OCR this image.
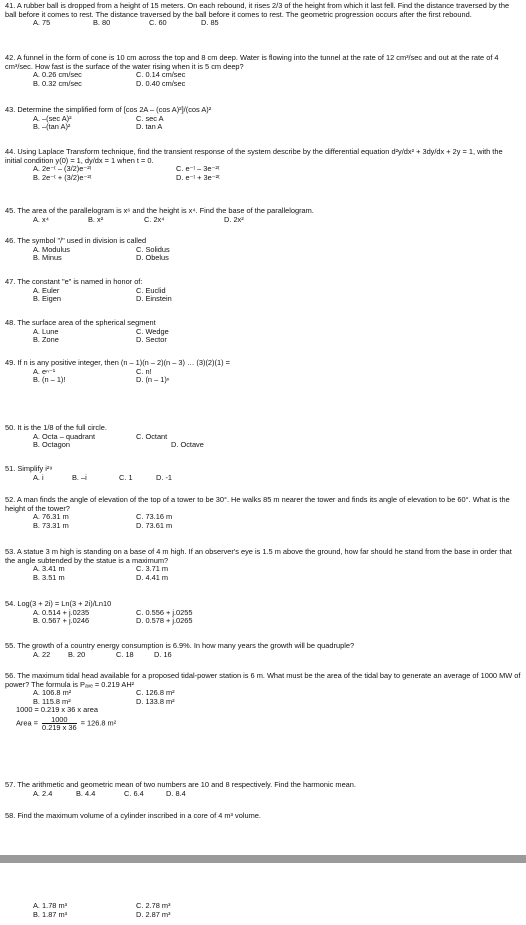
41. A rubber ball is dropped from a height of 15 meters. On each rebound, it rises 2/3 of the height from which it last fell. Find the distance traversed by the ball before it comes to rest. The distance traversed by the ball before it comes to rest. The geometric progression occurs after the first rebound.
A. 75	B. 80	C. 60	D. 85
42. A funnel in the form of cone is 10 cm across the top and 8 cm deep. Water is flowing into the tunnel at the rate of 12 cm³/sec and out at the rate of 4 cm³/sec. How fast is the surface of the water rising when it is 5 cm deep?
A. 0.26 cm/sec	C. 0.14 cm/sec
B. 0.32 cm/sec	D. 0.40 cm/sec
43. Determine the simplified form of [cos 2A – (cos A)²]/(cos A)²
A. –(sec A)²	C. sec A
B. –(tan A)²	D. tan A
44. Using Laplace Transform technique, find the transient response of the system describe by the differential equation d²y/dx² + 3dy/dx + 2y = 1, with the initial condition y(0) = 1, dy/dx = 1 when t = 0.
A. 2e⁻ᵗ – (3/2)e⁻²ᵗ	C. e⁻ᵗ – 3e⁻²ᵗ
B. 2e⁻ᵗ + (3/2)e⁻²ᵗ	D. e⁻ᵗ + 3e⁻²ᵗ
45. The area of the parallelogram is x⁶ and the height is x⁴. Find the base of the parallelogram.
A. x⁴	B. x²	C. 2x⁴	D. 2x²
46. The symbol "/" used in division is called
A. Modulus	C. Solidus
B. Minus	D. Obelus
47. The constant "e" is named in honor of:
A. Euler	C. Euclid
B. Eigen	D. Einstein
48. The surface area of the spherical segment
A. Lune	C. Wedge
B. Zone	D. Sector
49. If n is any positive integer, then (n – 1)(n – 2)(n – 3) … (3)(2)(1) =
A. eⁿ⁻¹	C. n!
B. (n – 1)!	D. (n – 1)ⁿ
50. It is the 1/8 of the full circle.
A. Octa – quadrant	C. Octant
B. Octagon	D. Octave
51. Simplify i²⁹
A. i	B. –i	C. 1	D. -1
52. A man finds the angle of elevation of the top of a tower to be 30°. He walks 85 m nearer the tower and finds its angle of elevation to be 60°. What is the height of the tower?
A. 76.31 m	C. 73.16 m
B. 73.31 m	D. 73.61 m
53. A statue 3 m high is standing on a base of 4 m high. If an observer's eye is 1.5 m above the ground, how far should he stand from the base in order that the angle subtended by the statue is a maximum?
A. 3.41 m	C. 3.71 m
B. 3.51 m	D. 4.41 m
54. Log(3 + 2i) = Ln(3 + 2i)/Ln10
A. 0.514 + j.0235	C. 0.556 + j.0255
B. 0.567 + j.0246	D. 0.578 + j.0265
55. The growth of a country energy consumption is 6.9%. In how many years the growth will be quadruple?
A. 22 B. 20	C. 18	D. 16
56. The maximum tidal head available for a proposed tidal-power station is 6 m. What must be the area of the tidal bay to generate an average of 1000 MW of power? The formula is Pₐᵥₑ = 0.219 AH²
A. 106.8 m²	C. 126.8 m²
B. 115.8 m²	D. 133.8 m²
1000 = 0.219 x 36 x area
Area = $\frac{1000}{0.219 x 36} = 126.8$ m²
57. The arithmetic and geometric mean of two numbers are 10 and 8 respectively. Find the harmonic mean.
A. 2.4	B. 4.4	C. 6.4	D. 8.4
58. Find the maximum volume of a cylinder inscribed in a core of 4 m³ volume.
A. 1.78 m³	C. 2.78 m³
B. 1.87 m³	D. 2.87 m³
